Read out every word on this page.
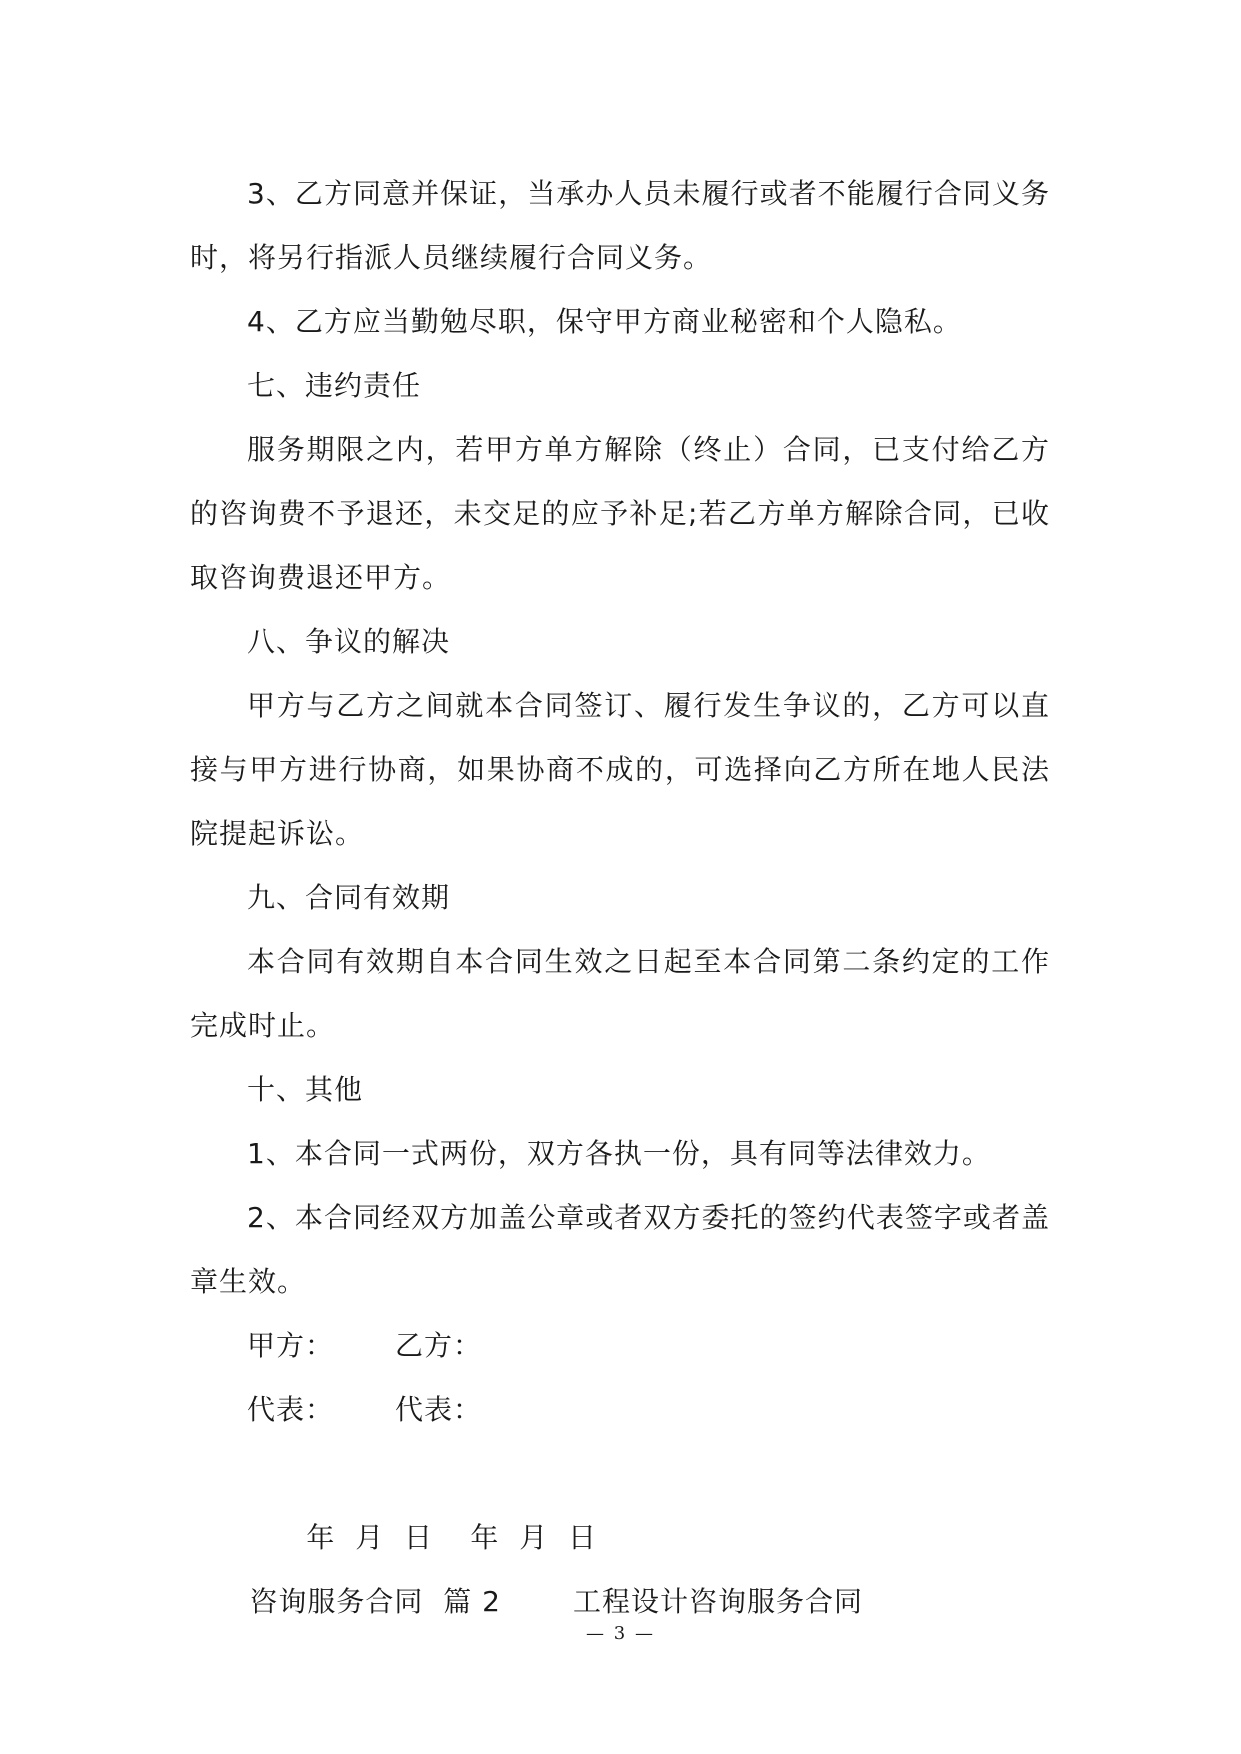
3、乙方同意并保证，当承办人员未履行或者不能履行合同义务时，将另行指派人员继续履行合同义务。

4、乙方应当勤勉尽职，保守甲方商业秘密和个人隐私。

七、违约责任

服务期限之内，若甲方单方解除（终止）合同，已支付给乙方的咨询费不予退还，未交足的应予补足;若乙方单方解除合同，已收取咨询费退还甲方。

八、争议的解决

甲方与乙方之间就本合同签订、履行发生争议的，乙方可以直接与甲方进行协商，如果协商不成的，可选择向乙方所在地人民法院提起诉讼。

九、合同有效期

本合同有效期自本合同生效之日起至本合同第二条约定的工作完成时止。

十、其他

1、本合同一式两份，双方各执一份，具有同等法律效力。

2、本合同经双方加盖公章或者双方委托的签约代表签字或者盖章生效。

甲方： 乙方：
代表： 代表：

年  月  日 年  月  日

咨询服务合同  篇 2	工程设计咨询服务合同

— 3 —
